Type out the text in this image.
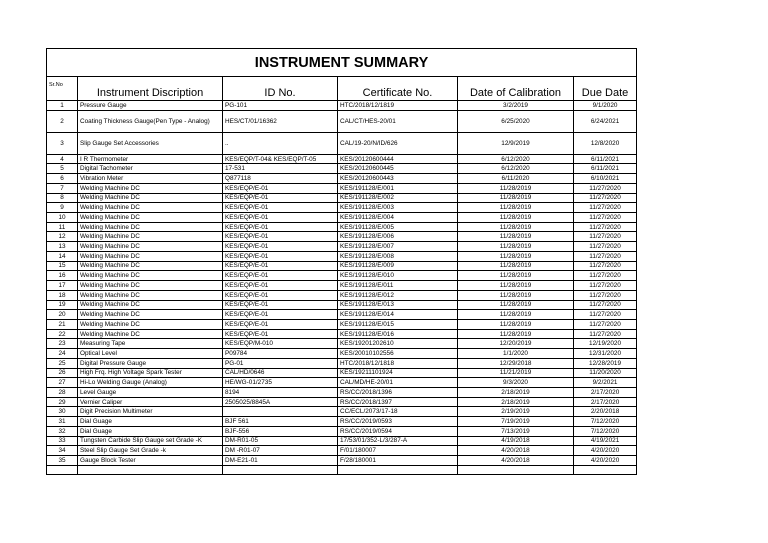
INSTRUMENT SUMMARY					
Sr.No	Instrument Discription	ID No.	Certificate No.	Date of Calibration	Due Date
1	Pressure Gauge	PG-101	HTC/2018/12/1819	3/2/2019	9/1/2020
2	Coating Thickness Gauge(Pen Type - Analog)	HES/CT/01/16362	CAL/CT/HES-20/01	6/25/2020	6/24/2021
3	Slip Gauge Set Accessories	..	CAL/19-20/N/ID/626	12/9/2019	12/8/2020
4	I R Thermometer	KES/EQP/T-04& KES/EQP/T-05	KES/20120600444	6/12/2020	6/11/2021
5	Digital Tachometer	17-531	KES/20120600445	6/12/2020	6/11/2021
6	Vibration Meter	Q877118	KES/20120600443	6/11/2020	6/10/2021
7	Welding Machine DC	KES/EQP/E-01	KES/191128/E/001	11/28/2019	11/27/2020
8	Welding Machine DC	KES/EQP/E-01	KES/191128/E/002	11/28/2019	11/27/2020
9	Welding Machine DC	KES/EQP/E-01	KES/191128/E/003	11/28/2019	11/27/2020
10	Welding Machine DC	KES/EQP/E-01	KES/191128/E/004	11/28/2019	11/27/2020
11	Welding Machine DC	KES/EQP/E-01	KES/191128/E/005	11/28/2019	11/27/2020
12	Welding Machine DC	KES/EQP/E-01	KES/191128/E/006	11/28/2019	11/27/2020
13	Welding Machine DC	KES/EQP/E-01	KES/191128/E/007	11/28/2019	11/27/2020
14	Welding Machine DC	KES/EQP/E-01	KES/191128/E/008	11/28/2019	11/27/2020
15	Welding Machine DC	KES/EQP/E-01	KES/191128/E/009	11/28/2019	11/27/2020
16	Welding Machine DC	KES/EQP/E-01	KES/191128/E/010	11/28/2019	11/27/2020
17	Welding Machine DC	KES/EQP/E-01	KES/191128/E/011	11/28/2019	11/27/2020
18	Welding Machine DC	KES/EQP/E-01	KES/191128/E/012	11/28/2019	11/27/2020
19	Welding Machine DC	KES/EQP/E-01	KES/191128/E/013	11/28/2019	11/27/2020
20	Welding Machine DC	KES/EQP/E-01	KES/191128/E/014	11/28/2019	11/27/2020
21	Welding Machine DC	KES/EQP/E-01	KES/191128/E/015	11/28/2019	11/27/2020
22	Welding Machine DC	KES/EQP/E-01	KES/191128/E/016	11/28/2019	11/27/2020
23	Measuring Tape	KES/EQP/M-010	KES/19201202610	12/20/2019	12/19/2020
24	Optical Level	P09784	KES/20010102556	1/1/2020	12/31/2020
25	Digital Pressure Gauge	PG-01	HTC/2018/12/1818	12/29/2018	12/28/2019
26	High Frq. High Voltage Spark Tester	CAL/HD/0646	KES/19211101924	11/21/2019	11/20/2020
27	Hi-Lo Welding Gauge (Analog)	HE/WG-01/2735	CAL/MD/HE-20/01	9/3/2020	9/2/2021
28	Level Gauge	8194	RS/CC/2018/1396	2/18/2019	2/17/2020
29	Vernier Caliper	2505025/8845A	RS/CC/2018/1397	2/18/2019	2/17/2020
30	Digit Precision Multimeter		CC/ECL/2073/17-18	2/19/2019	2/20/2018
31	Dial Guage	BJF 561	RS/CC/2019/0593	7/19/2019	7/12/2020
32	Dial Guage	BJF-556	RS/CC/2019/0594	7/13/2019	7/12/2020
33	Tungsten Carbide Slip Gauge set Grade -K	DM-R01-05	17/53/01/352-L/3/287-A	4/19/2018	4/19/2021
34	Steel Slip Gauge Set Grade -k	DM -R01-07	F/01/180007	4/20/2018	4/20/2020
35	Gauge Block Tester	DM-E21-01	F/28/180001	4/20/2018	4/20/2020
